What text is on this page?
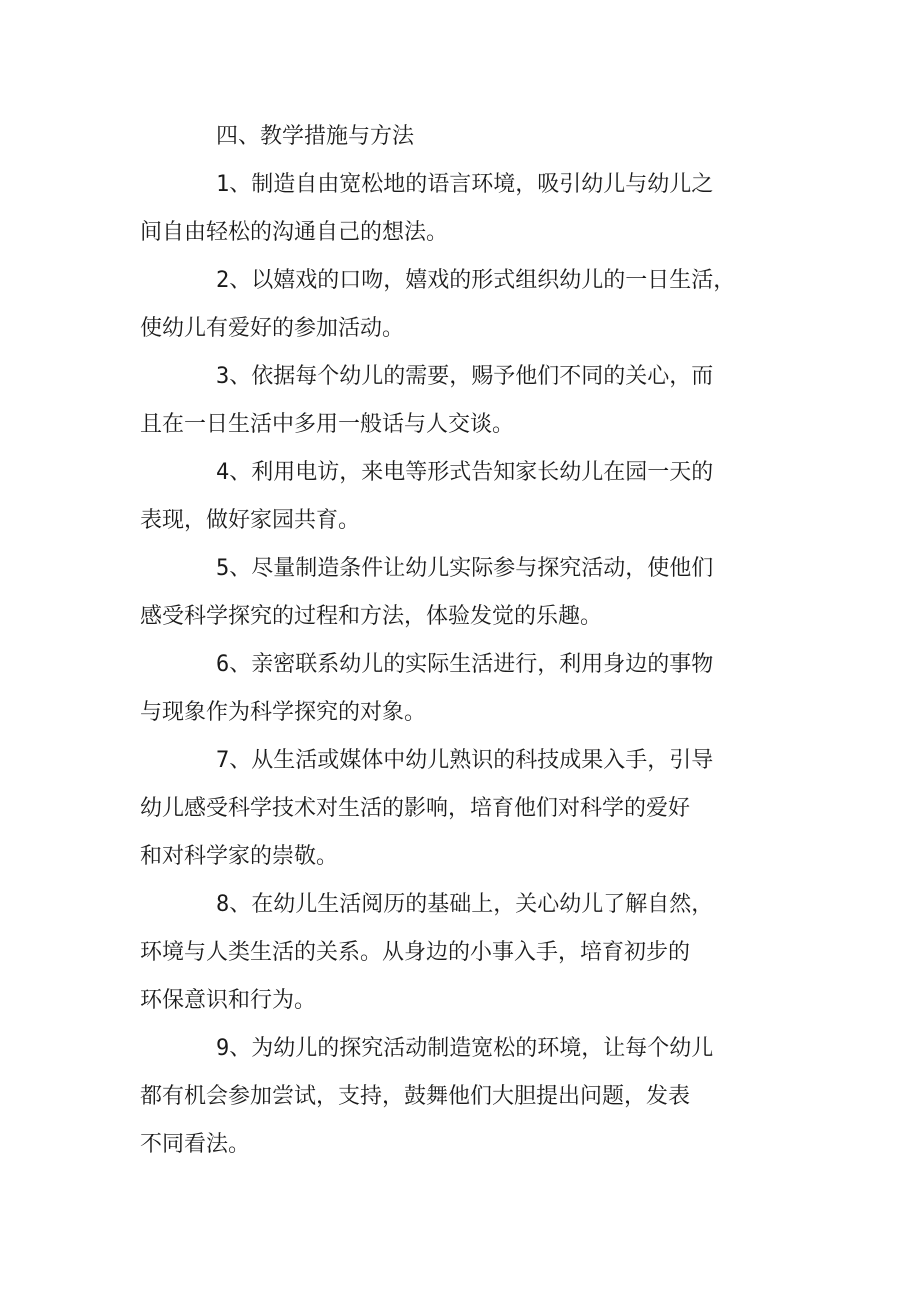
四、教学措施与方法
1、制造自由宽松地的语言环境，吸引幼儿与幼儿之
间自由轻松的沟通自己的想法。
2、以嬉戏的口吻，嬉戏的形式组织幼儿的一日生活，
使幼儿有爱好的参加活动。
3、依据每个幼儿的需要，赐予他们不同的关心，而
且在一日生活中多用一般话与人交谈。
4、利用电访，来电等形式告知家长幼儿在园一天的
表现，做好家园共育。
5、尽量制造条件让幼儿实际参与探究活动，使他们
感受科学探究的过程和方法，体验发觉的乐趣。
6、亲密联系幼儿的实际生活进行，利用身边的事物
与现象作为科学探究的对象。
7、从生活或媒体中幼儿熟识的科技成果入手，引导
幼儿感受科学技术对生活的影响，培育他们对科学的爱好
和对科学家的崇敬。
8、在幼儿生活阅历的基础上，关心幼儿了解自然，
环境与人类生活的关系。从身边的小事入手，培育初步的
环保意识和行为。
9、为幼儿的探究活动制造宽松的环境，让每个幼儿
都有机会参加尝试，支持，鼓舞他们大胆提出问题，发表
不同看法。
